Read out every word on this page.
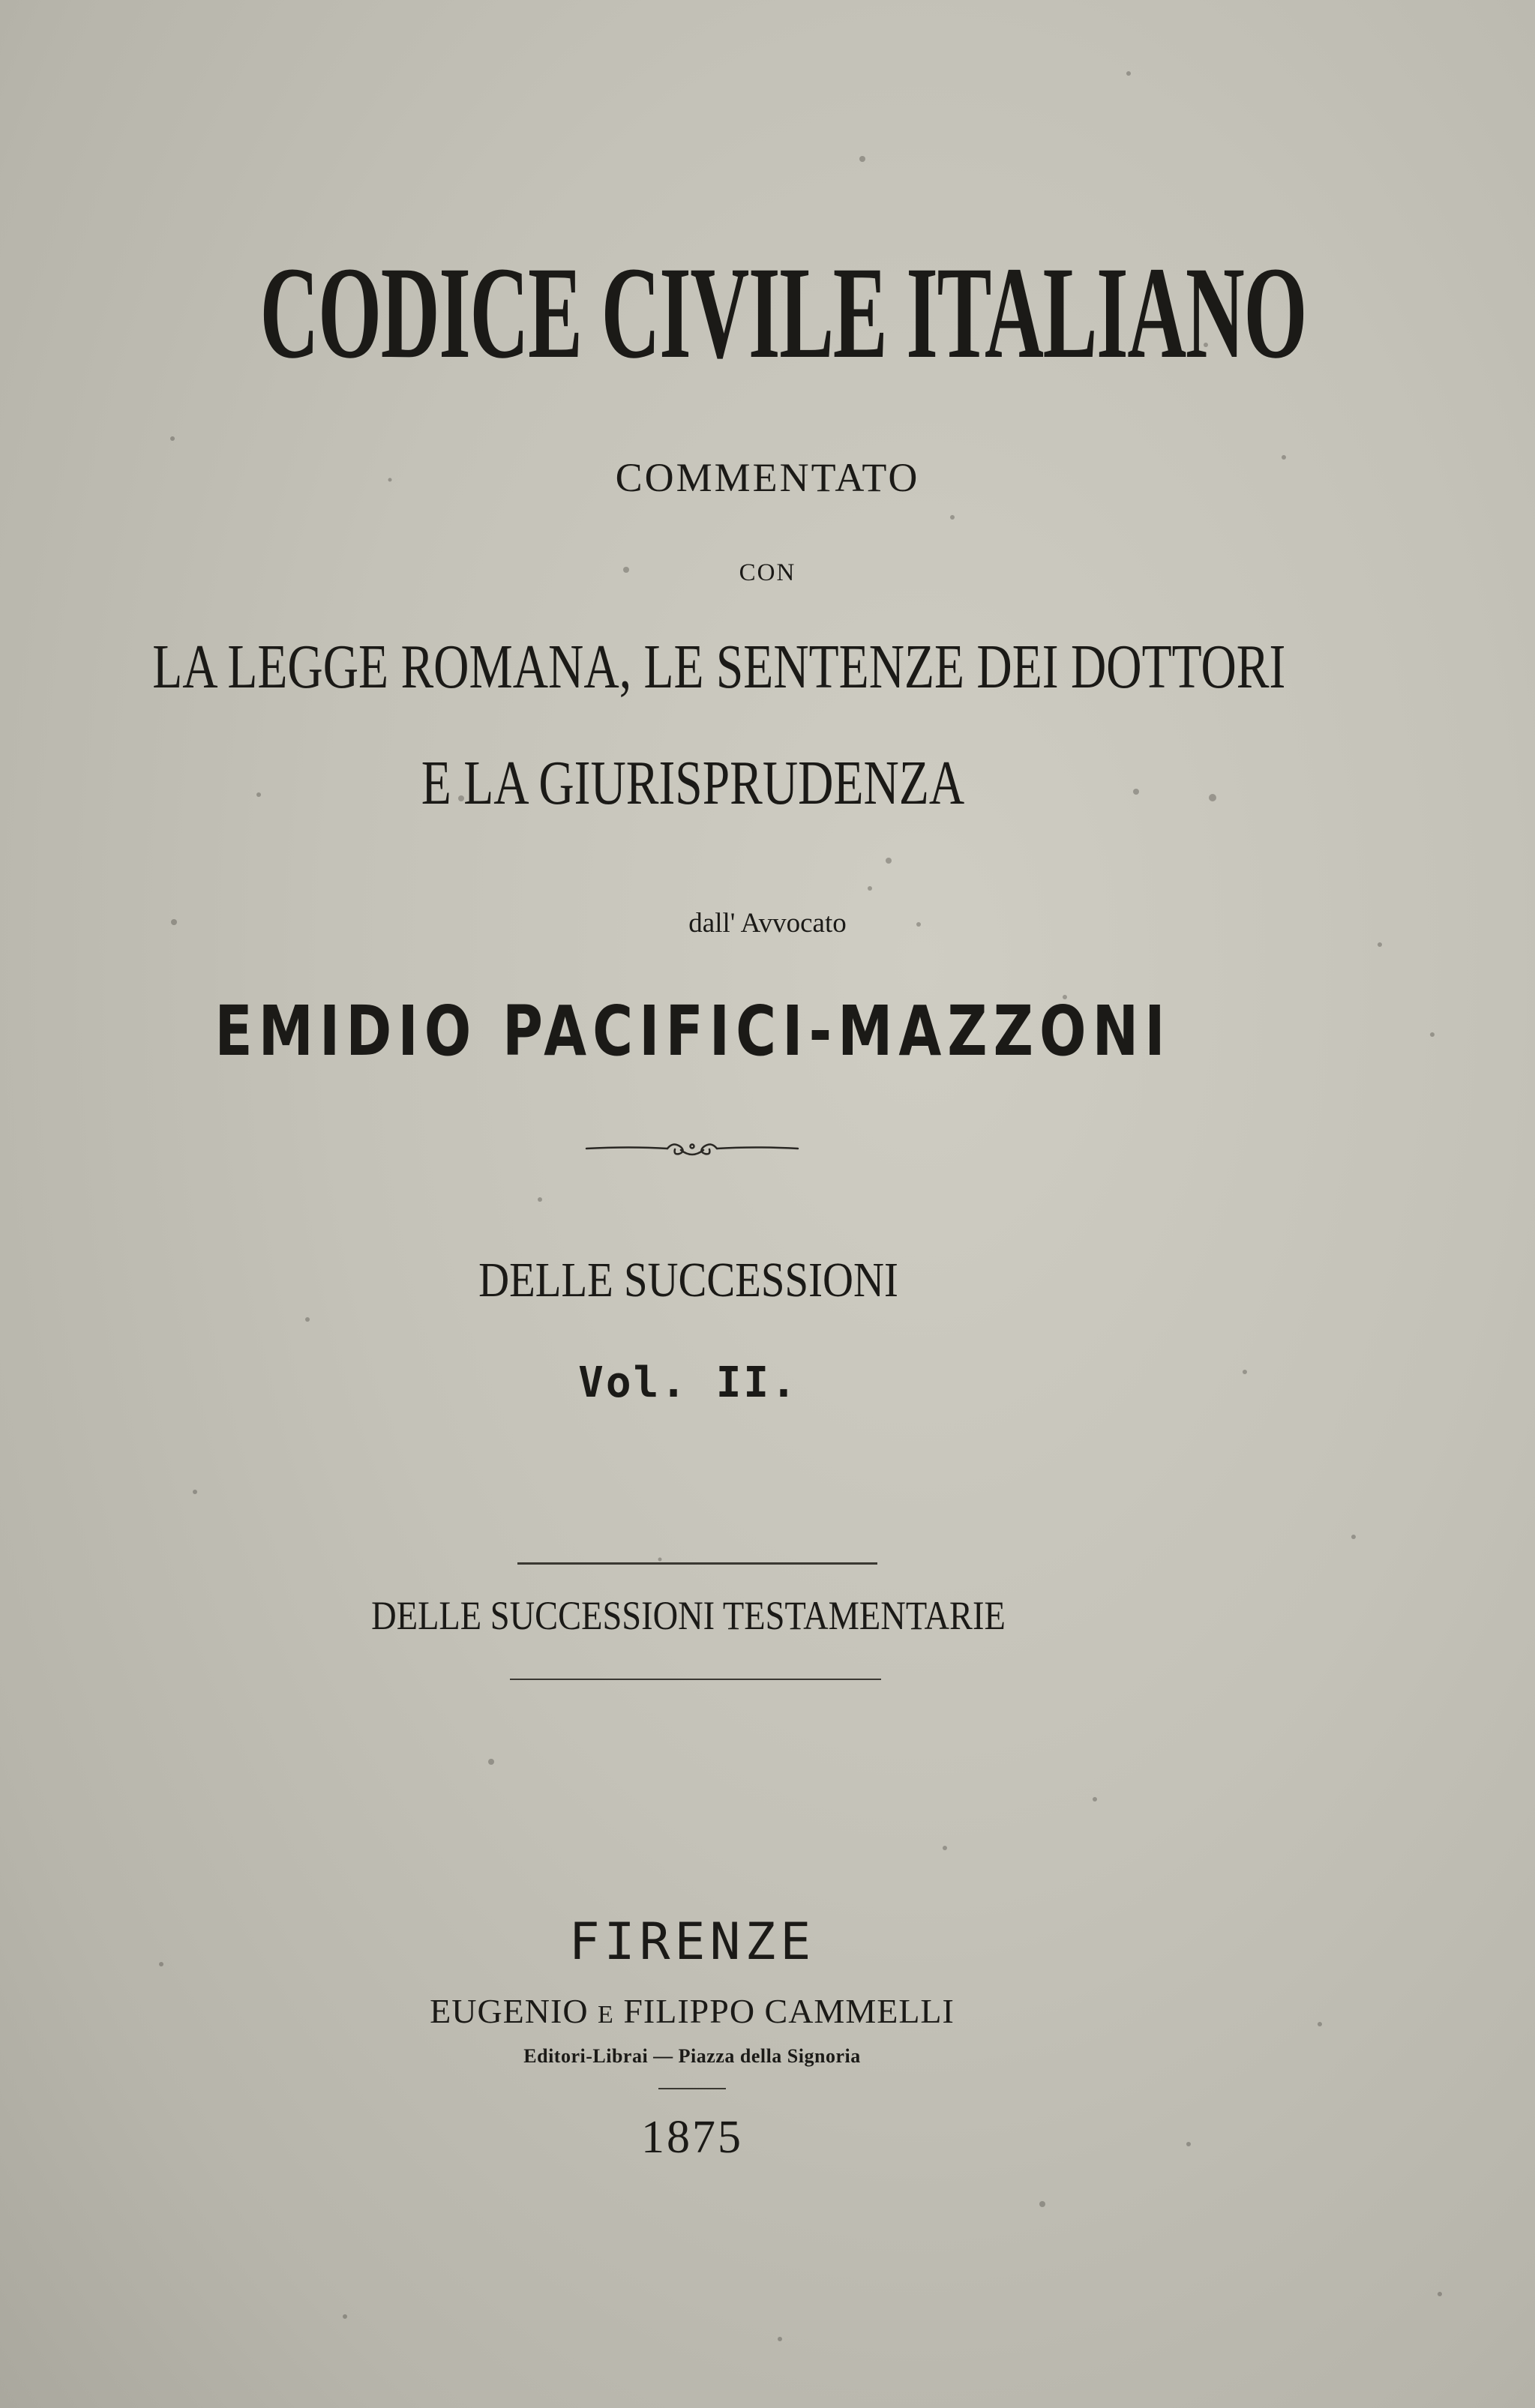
CODICE CIVILE ITALIANO
COMMENTATO
CON
LA LEGGE ROMANA, LE SENTENZE DEI DOTTORI
E LA GIURISPRUDENZA
dall' Avvocato
EMIDIO PACIFICI-MAZZONI
DELLE SUCCESSIONI
Vol. II.
DELLE SUCCESSIONI TESTAMENTARIE
FIRENZE
EUGENIO E FILIPPO CAMMELLI
Editori-Librai — Piazza della Signoria
1875
